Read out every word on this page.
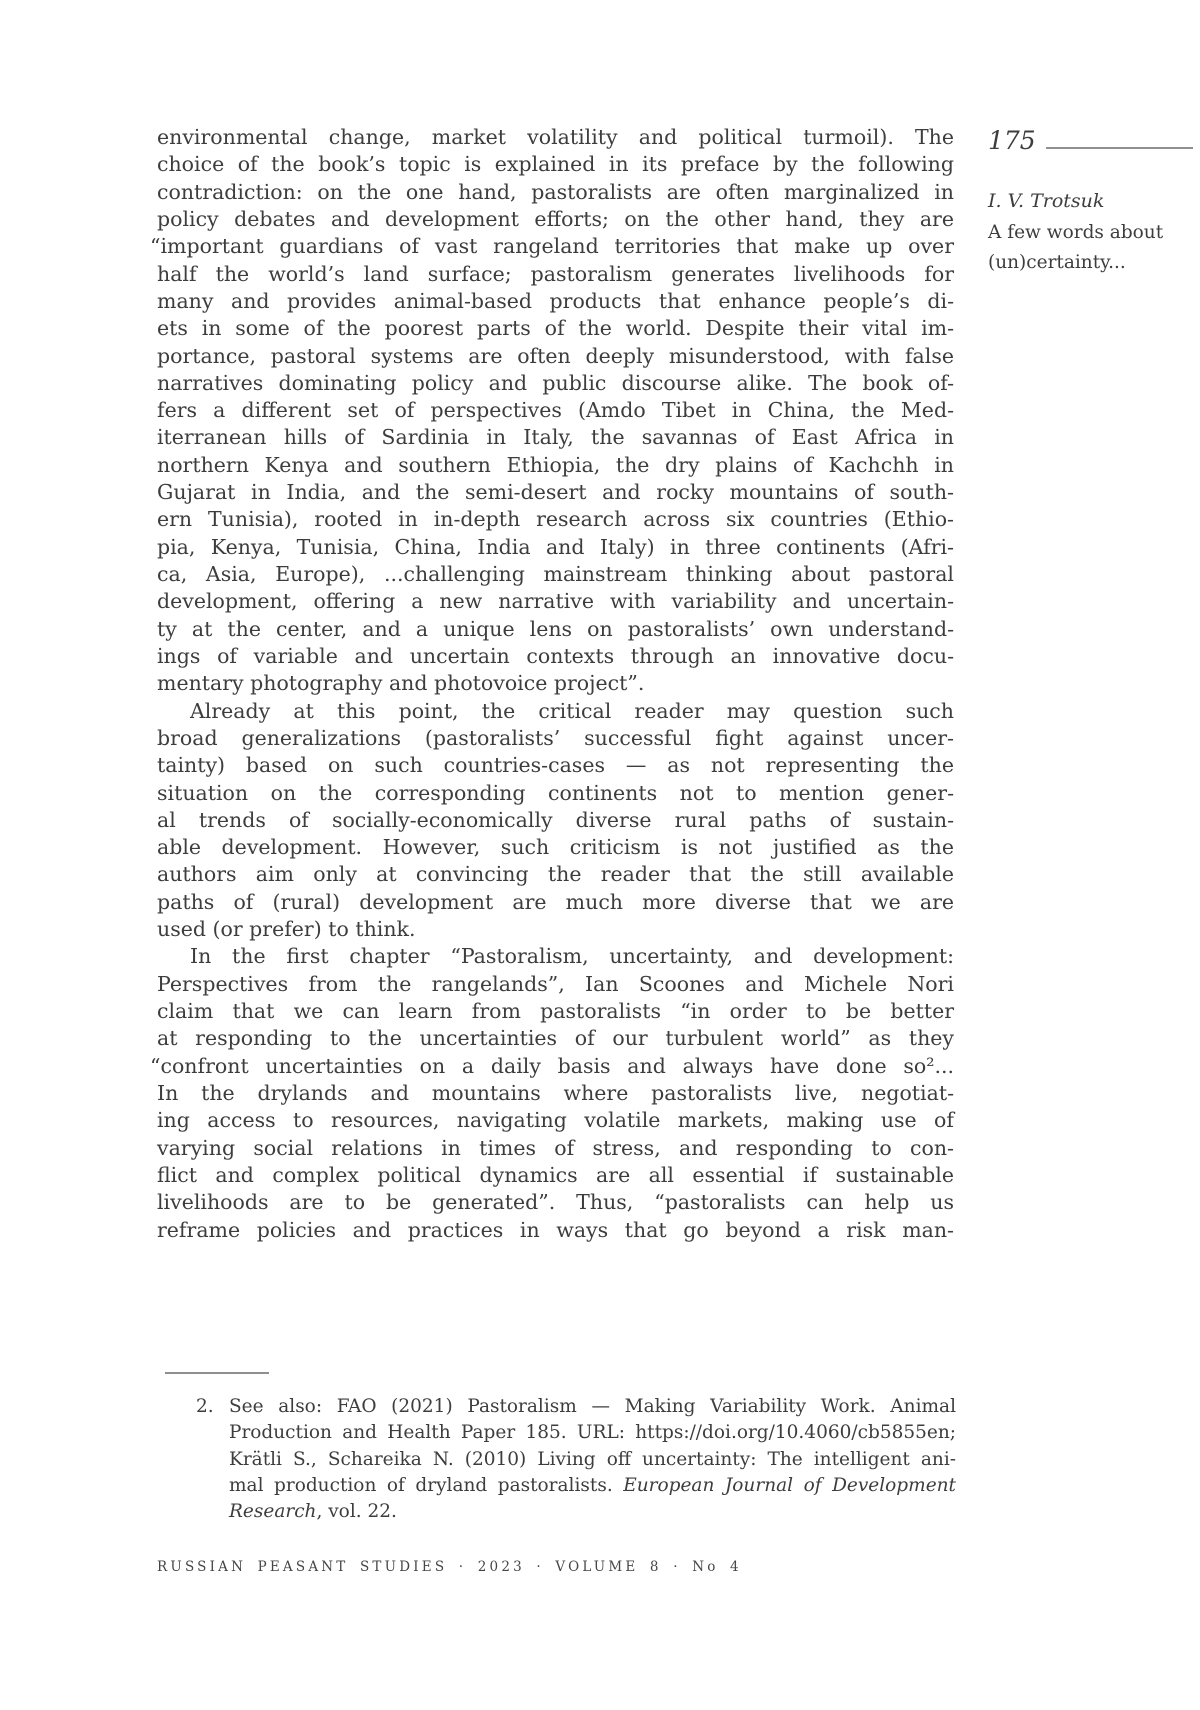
environmental change, market volatility and political turmoil). The
choice of the book’s topic is explained in its preface by the following
contradiction: on the one hand, pastoralists are often marginalized in
policy debates and development efforts; on the other hand, they are
“important guardians of vast rangeland territories that make up over
half the world’s land surface; pastoralism generates livelihoods for
many and provides animal-based products that enhance people’s di-
ets in some of the poorest parts of the world. Despite their vital im-
portance, pastoral systems are often deeply misunderstood, with false
narratives dominating policy and public discourse alike. The book of-
fers a different set of perspectives (Amdo Tibet in China, the Med-
iterranean hills of Sardinia in Italy, the savannas of East Africa in
northern Kenya and southern Ethiopia, the dry plains of Kachchh in
Gujarat in India, and the semi-desert and rocky mountains of south-
ern Tunisia), rooted in in-depth research across six countries (Ethio-
pia, Kenya, Tunisia, China, India and Italy) in three continents (Afri-
ca, Asia, Europe), ...challenging mainstream thinking about pastoral
development, offering a new narrative with variability and uncertain-
ty at the center, and a unique lens on pastoralists’ own understand-
ings of variable and uncertain contexts through an innovative docu-
mentary photography and photovoice project”.
Already at this point, the critical reader may question such
broad generalizations (pastoralists’ successful fight against uncer-
tainty) based on such countries-cases — as not representing the
situation on the corresponding continents not to mention gener-
al trends of socially-economically diverse rural paths of sustain-
able development. However, such criticism is not justified as the
authors aim only at convincing the reader that the still available
paths of (rural) development are much more diverse that we are
used (or prefer) to think.
In the first chapter “Pastoralism, uncertainty, and development:
Perspectives from the rangelands”, Ian Scoones and Michele Nori
claim that we can learn from pastoralists “in order to be better
at responding to the uncertainties of our turbulent world” as they
“confront uncertainties on a daily basis and always have done so²...
In the drylands and mountains where pastoralists live, negotiat-
ing access to resources, navigating volatile markets, making use of
varying social relations in times of stress, and responding to con-
flict and complex political dynamics are all essential if sustainable
livelihoods are to be generated”. Thus, “pastoralists can help us
reframe policies and practices in ways that go beyond a risk man-
175
I. V. Trotsuk
A few words about
(un)certainty...
2. See also: FAO (2021) Pastoralism — Making Variability Work. Animal
Production and Health Paper 185. URL: https://doi.org/10.4060/cb5855en;
Krätli S., Schareika N. (2010) Living off uncertainty: The intelligent ani-
mal production of dryland pastoralists. European Journal of Development
Research, vol. 22.
RUSSIAN PEASANT STUDIES · 2023 · VOLUME 8 · No 4
